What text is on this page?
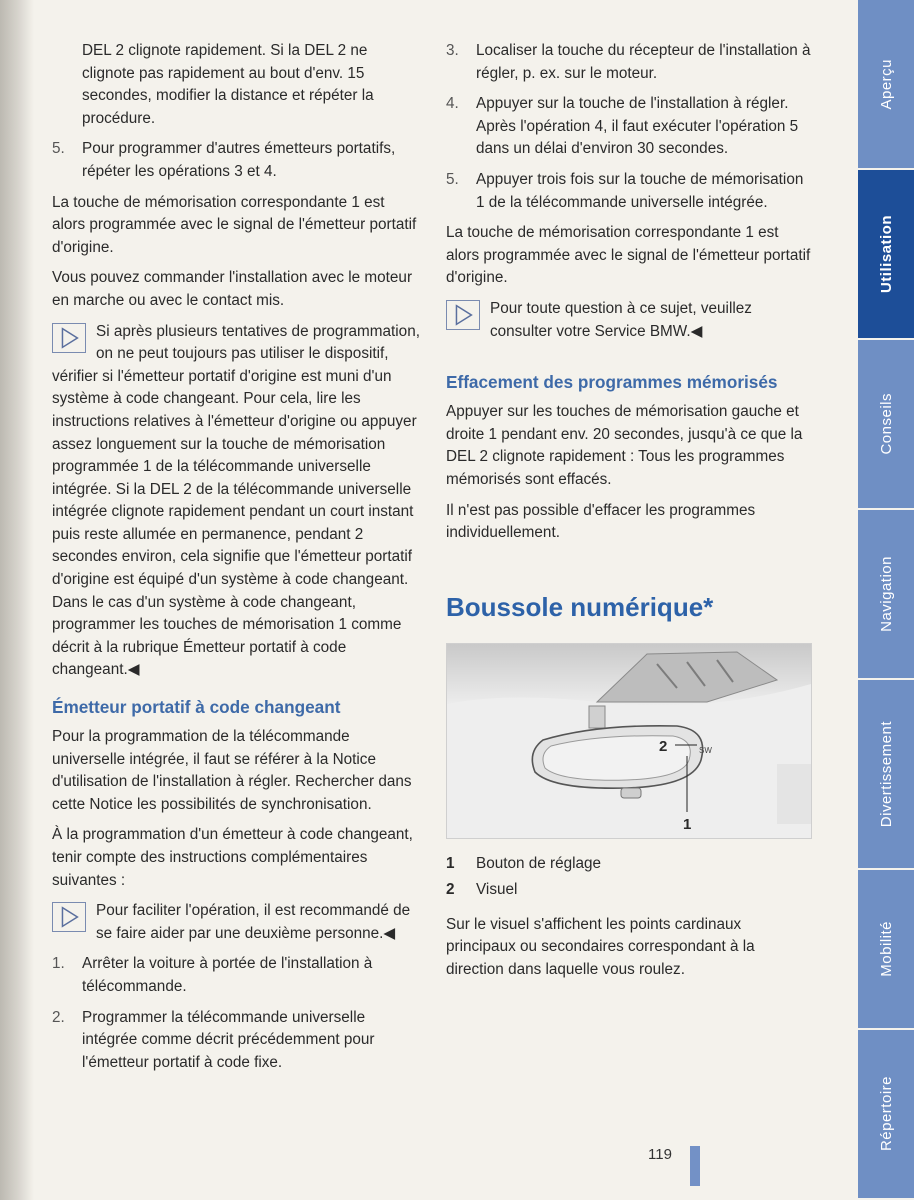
DEL 2 clignote rapidement. Si la DEL 2 ne clignote pas rapidement au bout d'env. 15 secondes, modifier la distance et répéter la procédure.

5.	Pour programmer d'autres émetteurs portatifs, répéter les opérations 3 et 4.

La touche de mémorisation correspondante 1 est alors programmée avec le signal de l'émetteur portatif d'origine.

Vous pouvez commander l'installation avec le moteur en marche ou avec le contact mis.

Si après plusieurs tentatives de programmation, on ne peut toujours pas utiliser le dispositif, vérifier si l'émetteur portatif d'origine est muni d'un système à code changeant. Pour cela, lire les instructions relatives à l'émetteur d'origine ou appuyer assez longuement sur la touche de mémorisation programmée 1 de la télécommande universelle intégrée. Si la DEL 2 de la télécommande universelle intégrée clignote rapidement pendant un court instant puis reste allumée en permanence, pendant 2 secondes environ, cela signifie que l'émetteur portatif d'origine est équipé d'un système à code changeant. Dans le cas d'un système à code changeant, programmer les touches de mémorisation 1 comme décrit à la rubrique Émetteur portatif à code changeant.◀
Émetteur portatif à code changeant

Pour la programmation de la télécommande universelle intégrée, il faut se référer à la Notice d'utilisation de l'installation à régler. Rechercher dans cette Notice les possibilités de synchronisation.

À la programmation d'un émetteur à code changeant, tenir compte des instructions complémentaires suivantes :

Pour faciliter l'opération, il est recommandé de se faire aider par une deuxième personne.◀
1.	Arrêter la voiture à portée de l'installation à télécommande.
2.	Programmer la télécommande universelle intégrée comme décrit précédemment pour l'émetteur portatif à code fixe.
3.	Localiser la touche du récepteur de l'installation à régler, p. ex. sur le moteur.
4.	Appuyer sur la touche de l'installation à régler. Après l'opération 4, il faut exécuter l'opération 5 dans un délai d'environ 30 secondes.
5.	Appuyer trois fois sur la touche de mémorisation 1 de la télécommande universelle intégrée.

La touche de mémorisation correspondante 1 est alors programmée avec le signal de l'émetteur portatif d'origine.

Pour toute question à ce sujet, veuillez consulter votre Service BMW.◀
Effacement des programmes mémorisés

Appuyer sur les touches de mémorisation gauche et droite 1 pendant env. 20 secondes, jusqu'à ce que la DEL 2 clignote rapidement : Tous les programmes mémorisés sont effacés.

Il n'est pas possible d'effacer les programmes individuellement.

Boussole numérique*
2	SW
1
1	Bouton de réglage
2	Visuel

Sur le visuel s'affichent les points cardinaux principaux ou secondaires correspondant à la direction dans laquelle vous roulez.

Aperçu
Utilisation
Conseils
Navigation
Divertissement
Mobilité
Répertoire
119
